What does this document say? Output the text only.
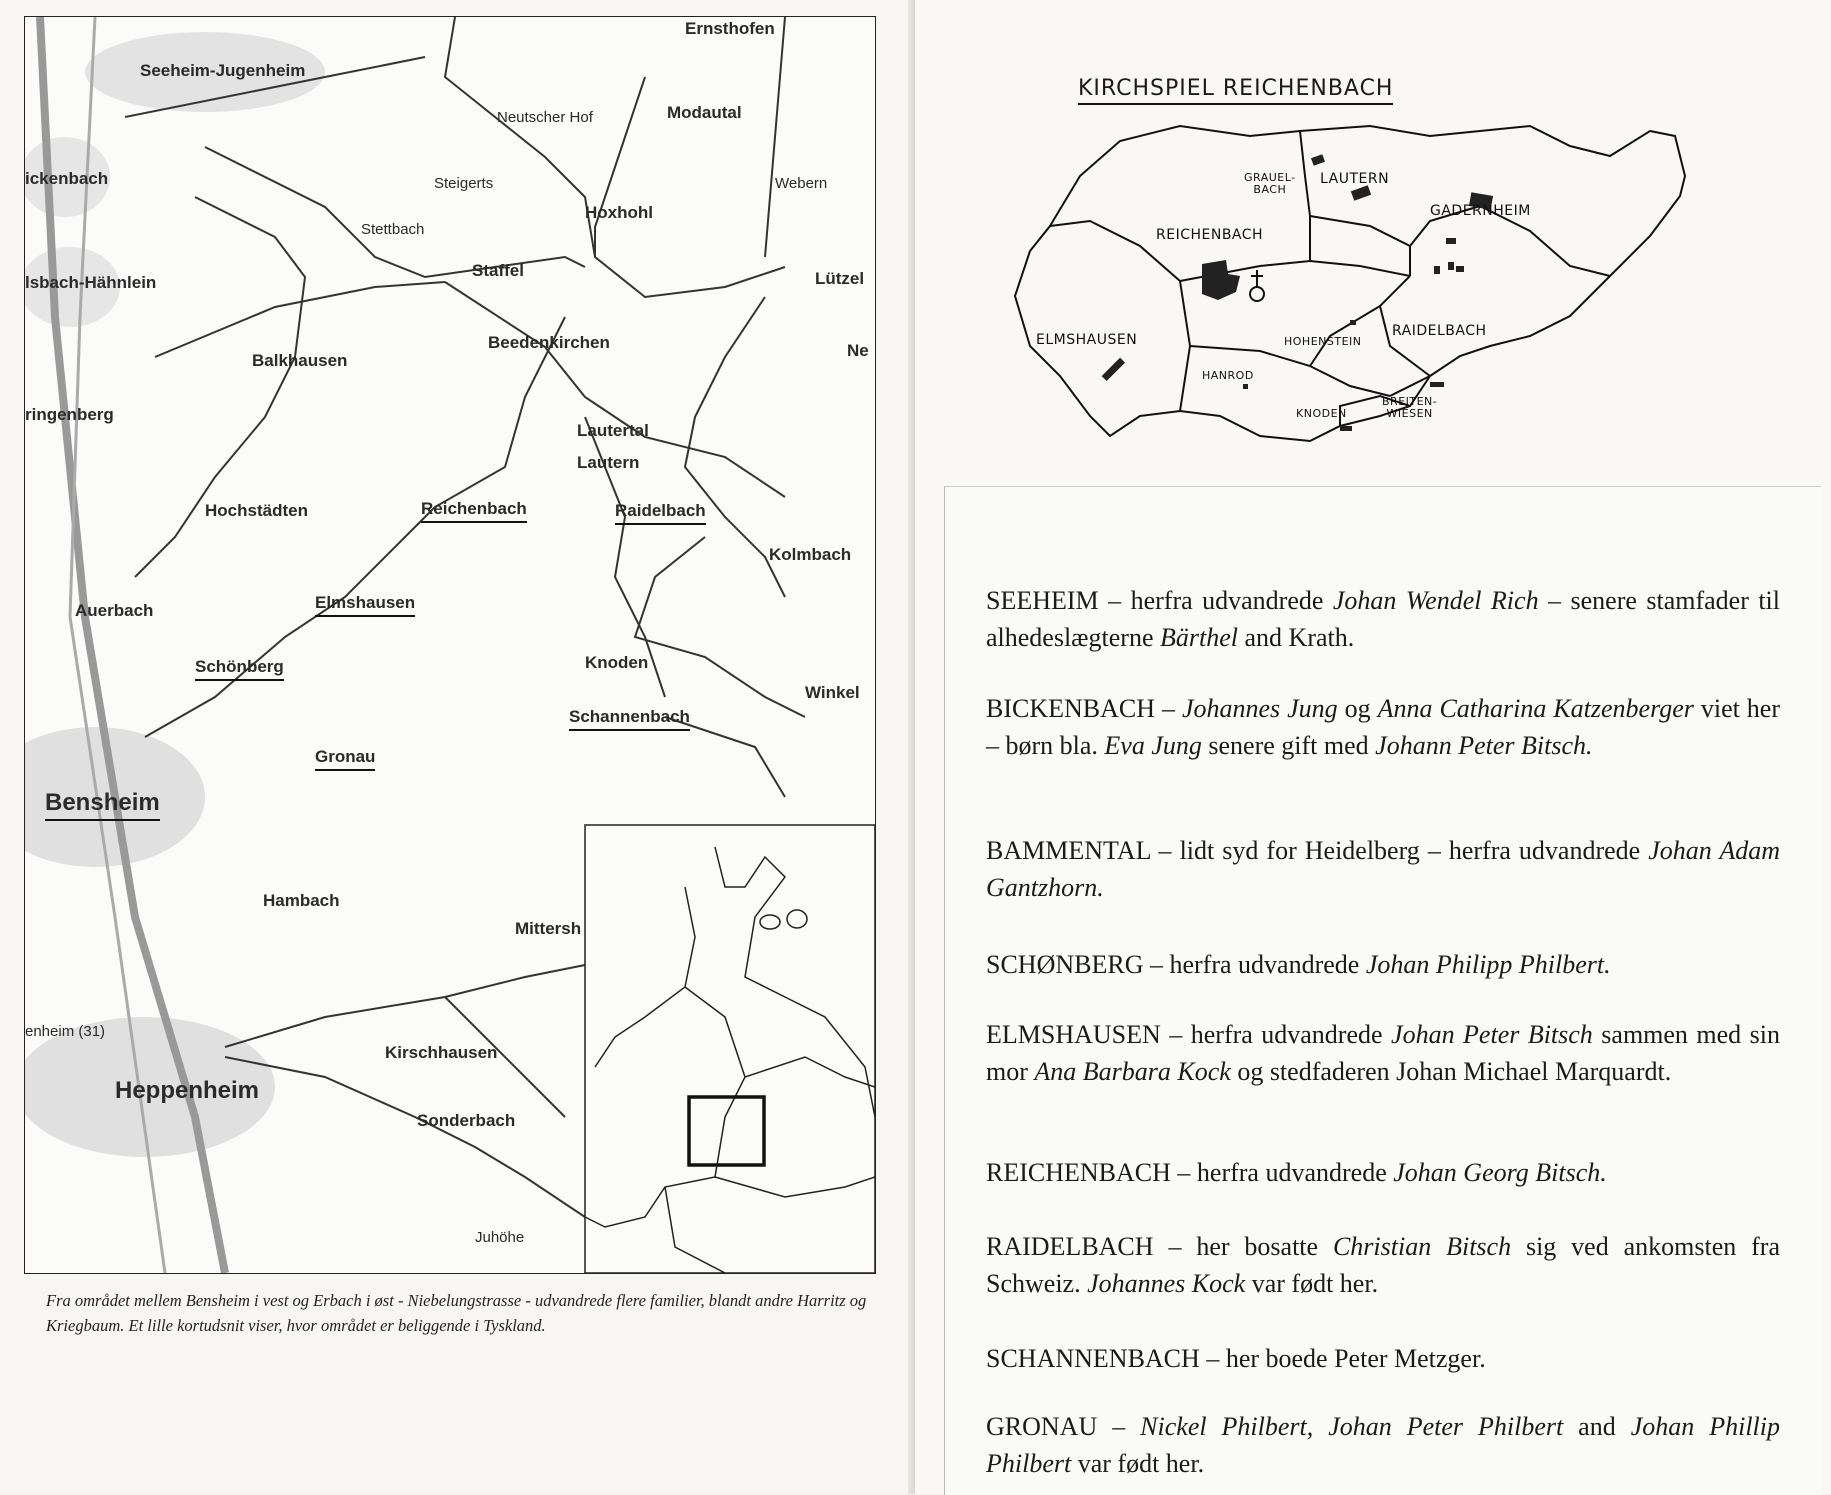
Ernsthofen
Seeheim-Jugenheim
Modautal
Neutscher Hof
ickenbach	Steigerts	Webern
Hoxhohl
Stettbach
Staffel
lsbach-Hähnlein	Lützel
Beedenkirchen
Balkhausen
Ne
ringenberg
Lautertal
Lautern
Hochstädten	Reichenbach	Raidelbach
Kolmbach
Auerbach	Elmshausen
Knoden
Schönberg
Winkel
Schannenbach
Gronau
Bensheim
Hambach
Mittersh
enheim (31)
Kirschhausen
Heppenheim
Sonderbach
Juhöhe
Fra området mellem Bensheim i vest og Erbach i øst - Niebelungstrasse - udvandrede flere familier, blandt andre Harritz og Kriegbaum. Et lille kortudsnit viser, hvor området er beliggende i Tyskland.
KIRCHSPIEL REICHENBACH
GRAUEL-
BACH
LAUTERN
GADERNHEIM
REICHENBACH
ELMSHAUSEN	HOHENSTEIN
RAIDELBACH
HANROD
KNODEN
BREITEN-
WIESEN
SEEHEIM – herfra udvandrede Johan Wendel Rich – senere stamfader til alhedeslægterne Bärthel and Krath.
BICKENBACH – Johannes Jung og Anna Catharina Katzenberger viet her – børn bla. Eva Jung senere gift med Johann Peter Bitsch.
BAMMENTAL – lidt syd for Heidelberg – herfra udvandrede Johan Adam Gantzhorn.
SCHØNBERG – herfra udvandrede Johan Philipp Philbert.
ELMSHAUSEN – herfra udvandrede Johan Peter Bitsch sammen med sin mor Ana Barbara Kock og stedfaderen Johan Michael Marquardt.
REICHENBACH – herfra udvandrede Johan Georg Bitsch.
RAIDELBACH – her bosatte Christian Bitsch sig ved ankomsten fra Schweiz. Johannes Kock var født her.
SCHANNENBACH – her boede Peter Metzger.
GRONAU – Nickel Philbert, Johan Peter Philbert and Johan Phillip Philbert var født her.
